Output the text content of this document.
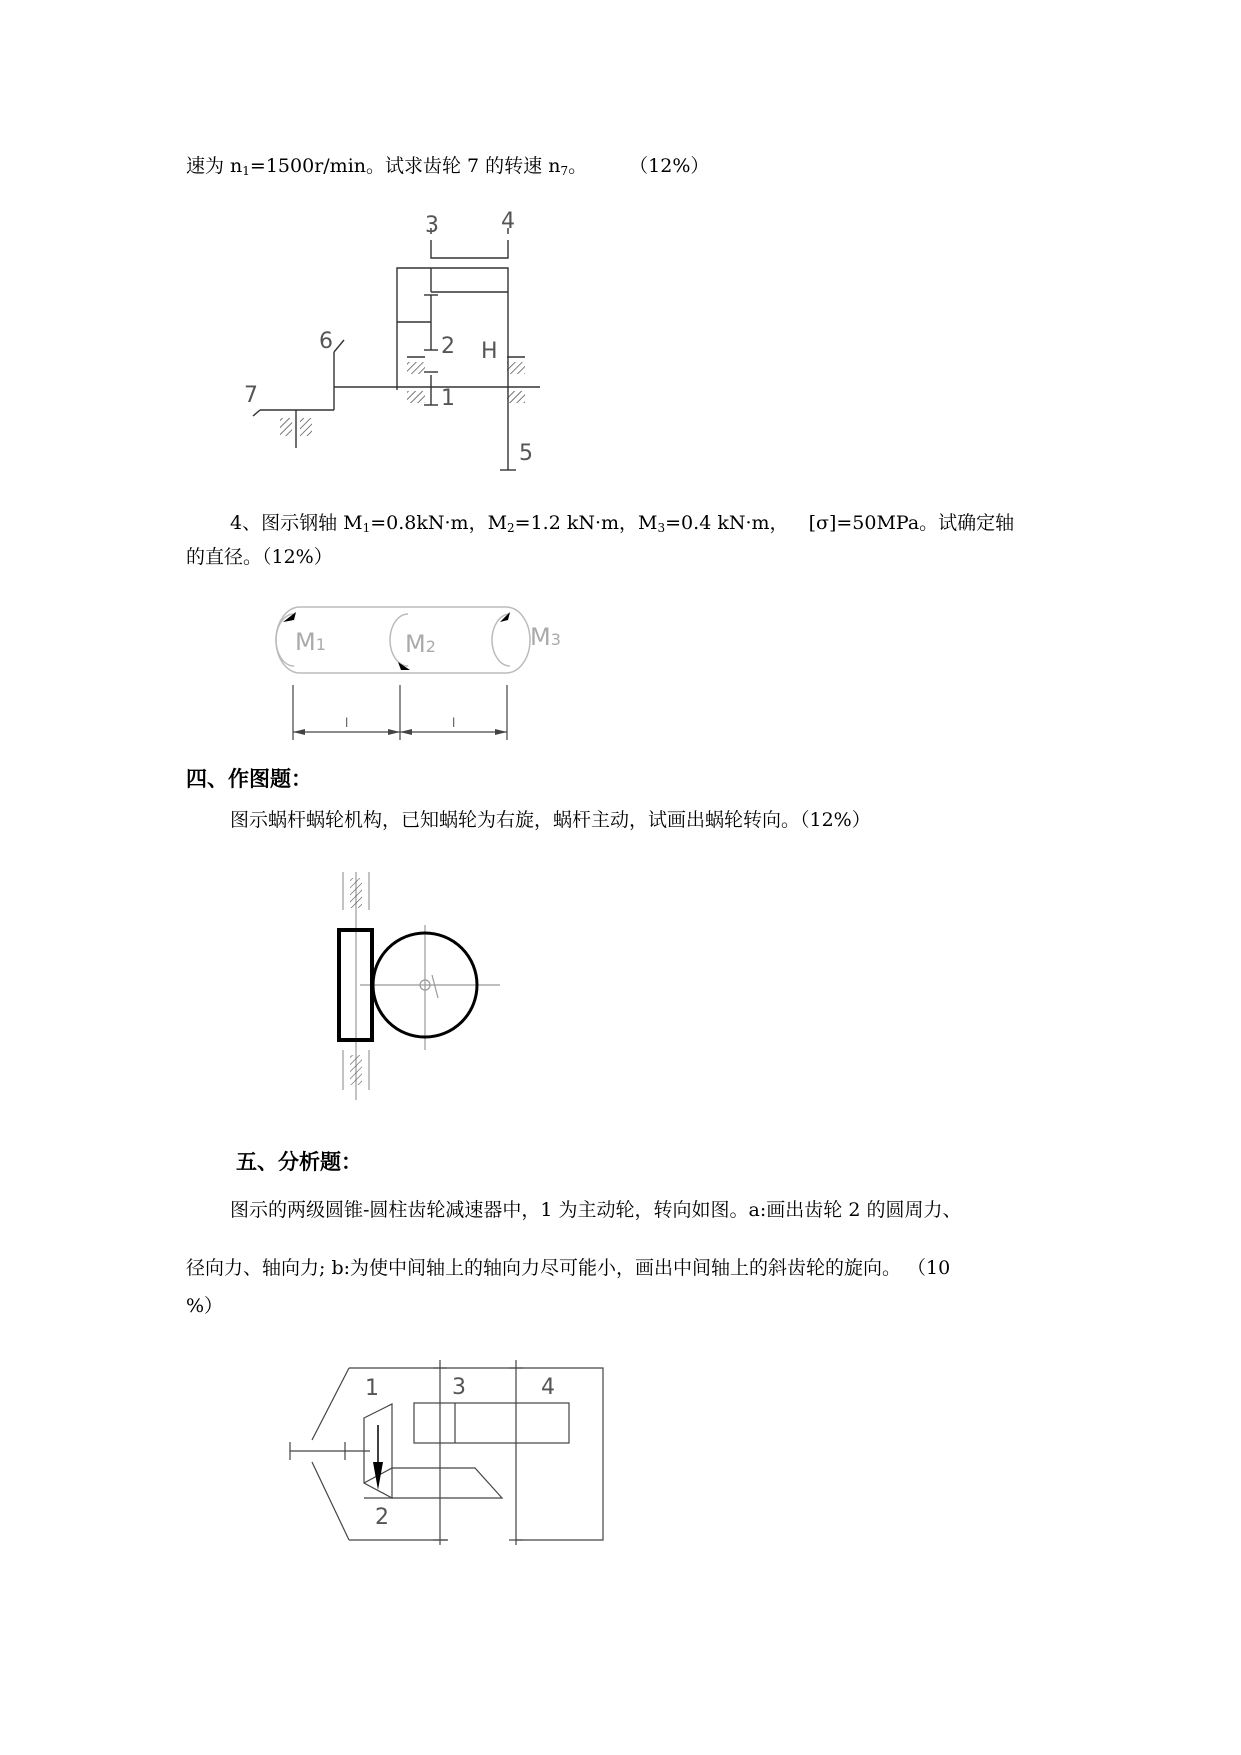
速为 $n_1=1500r/\min$。试求齿轮 7 的转速 $n_7$。 （12%）
3	4
2 H
1
5
6
7
4、图示钢轴 $M_1=0.8kN\cdot m$，$M_2=1.2$ kN·m，$M_3=0.4$ kN·m， [σ]=50MPa。试确定轴
的直径。（12%）
M1	M2	M3
l	l
四、作图题：
图示蜗杆蜗轮机构，已知蜗轮为右旋，蜗杆主动，试画出蜗轮转向。（12%）
五、分析题：
图示的两级圆锥-圆柱齿轮减速器中，1 为主动轮，转向如图。a:画出齿轮 2 的圆周力、
径向力、轴向力; b:为使中间轴上的轴向力尽可能小，画出中间轴上的斜齿轮的旋向。 （10
%）
1
2
3	4
